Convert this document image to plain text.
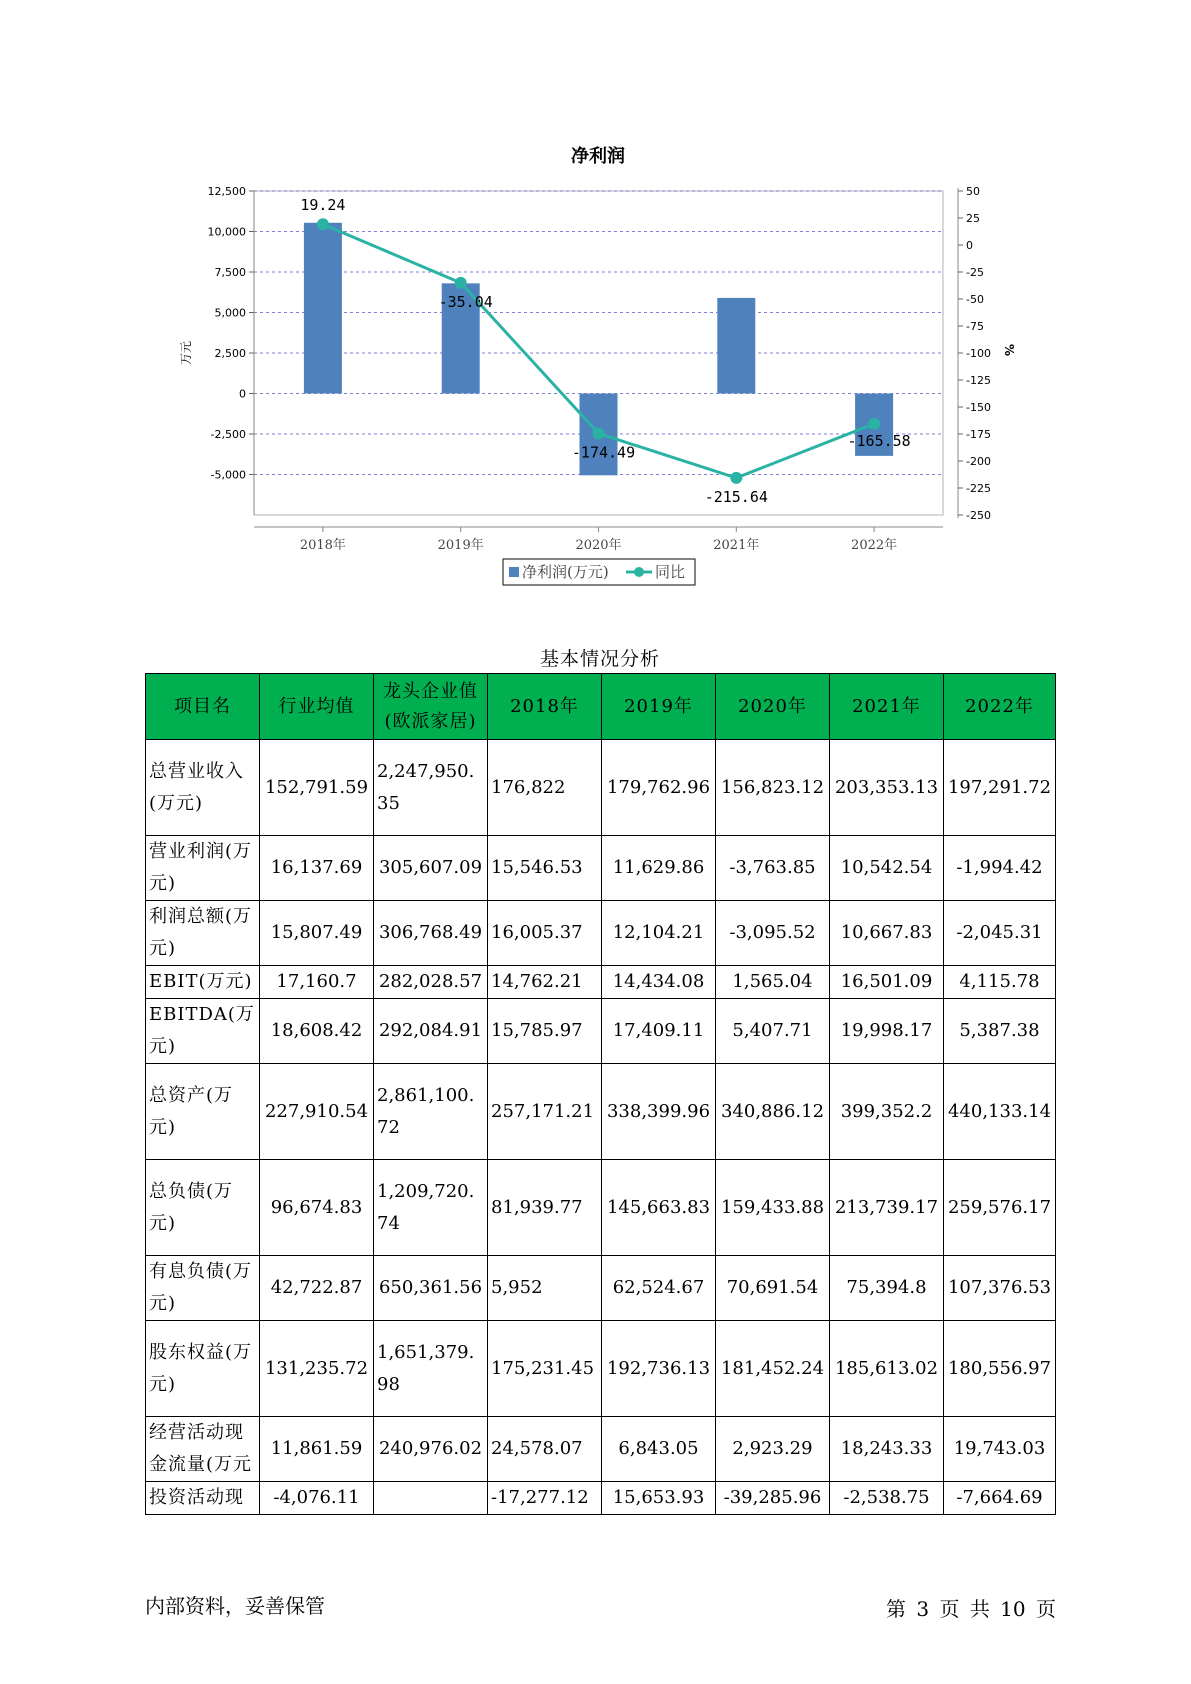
净利润
12,500
10,000
7,500
5,000
2,500
0
-2,500
-5,000
万元
50
25
0
-25
-50
-75
-100
-125
-150
-175
-200
-225
-250
%
2018年	2019年	2020年	2021年	2022年
19.24
-35.04
-174.49
-215.64
-165.58
净利润(万元)	同比
基本情况分析
项目名	行业均值	龙头企业值(欧派家居)	2018年	2019年	2020年	2021年	2022年
总营业收入(万元)	152,791.59	2,247,950.35	176,822	179,762.96	156,823.12	203,353.13	197,291.72
营业利润(万元)	16,137.69	305,607.09	15,546.53	11,629.86	-3,763.85	10,542.54	-1,994.42
利润总额(万元)	15,807.49	306,768.49	16,005.37	12,104.21	-3,095.52	10,667.83	-2,045.31
EBIT(万元)	17,160.7	282,028.57	14,762.21	14,434.08	1,565.04	16,501.09	4,115.78
EBITDA(万元)	18,608.42	292,084.91	15,785.97	17,409.11	5,407.71	19,998.17	5,387.38
总资产(万元)	227,910.54	2,861,100.72	257,171.21	338,399.96	340,886.12	399,352.2	440,133.14
总负债(万元)	96,674.83	1,209,720.74	81,939.77	145,663.83	159,433.88	213,739.17	259,576.17
有息负债(万元)	42,722.87	650,361.56	5,952	62,524.67	70,691.54	75,394.8	107,376.53
股东权益(万元)	131,235.72	1,651,379.98	175,231.45	192,736.13	181,452.24	185,613.02	180,556.97
经营活动现金流量(万元	11,861.59	240,976.02	24,578.07	6,843.05	2,923.29	18,243.33	19,743.03
投资活动现	-4,076.11		-17,277.12	15,653.93	-39,285.96	-2,538.75	-7,664.69
内部资料，妥善保管	第 3 页 共 10 页
